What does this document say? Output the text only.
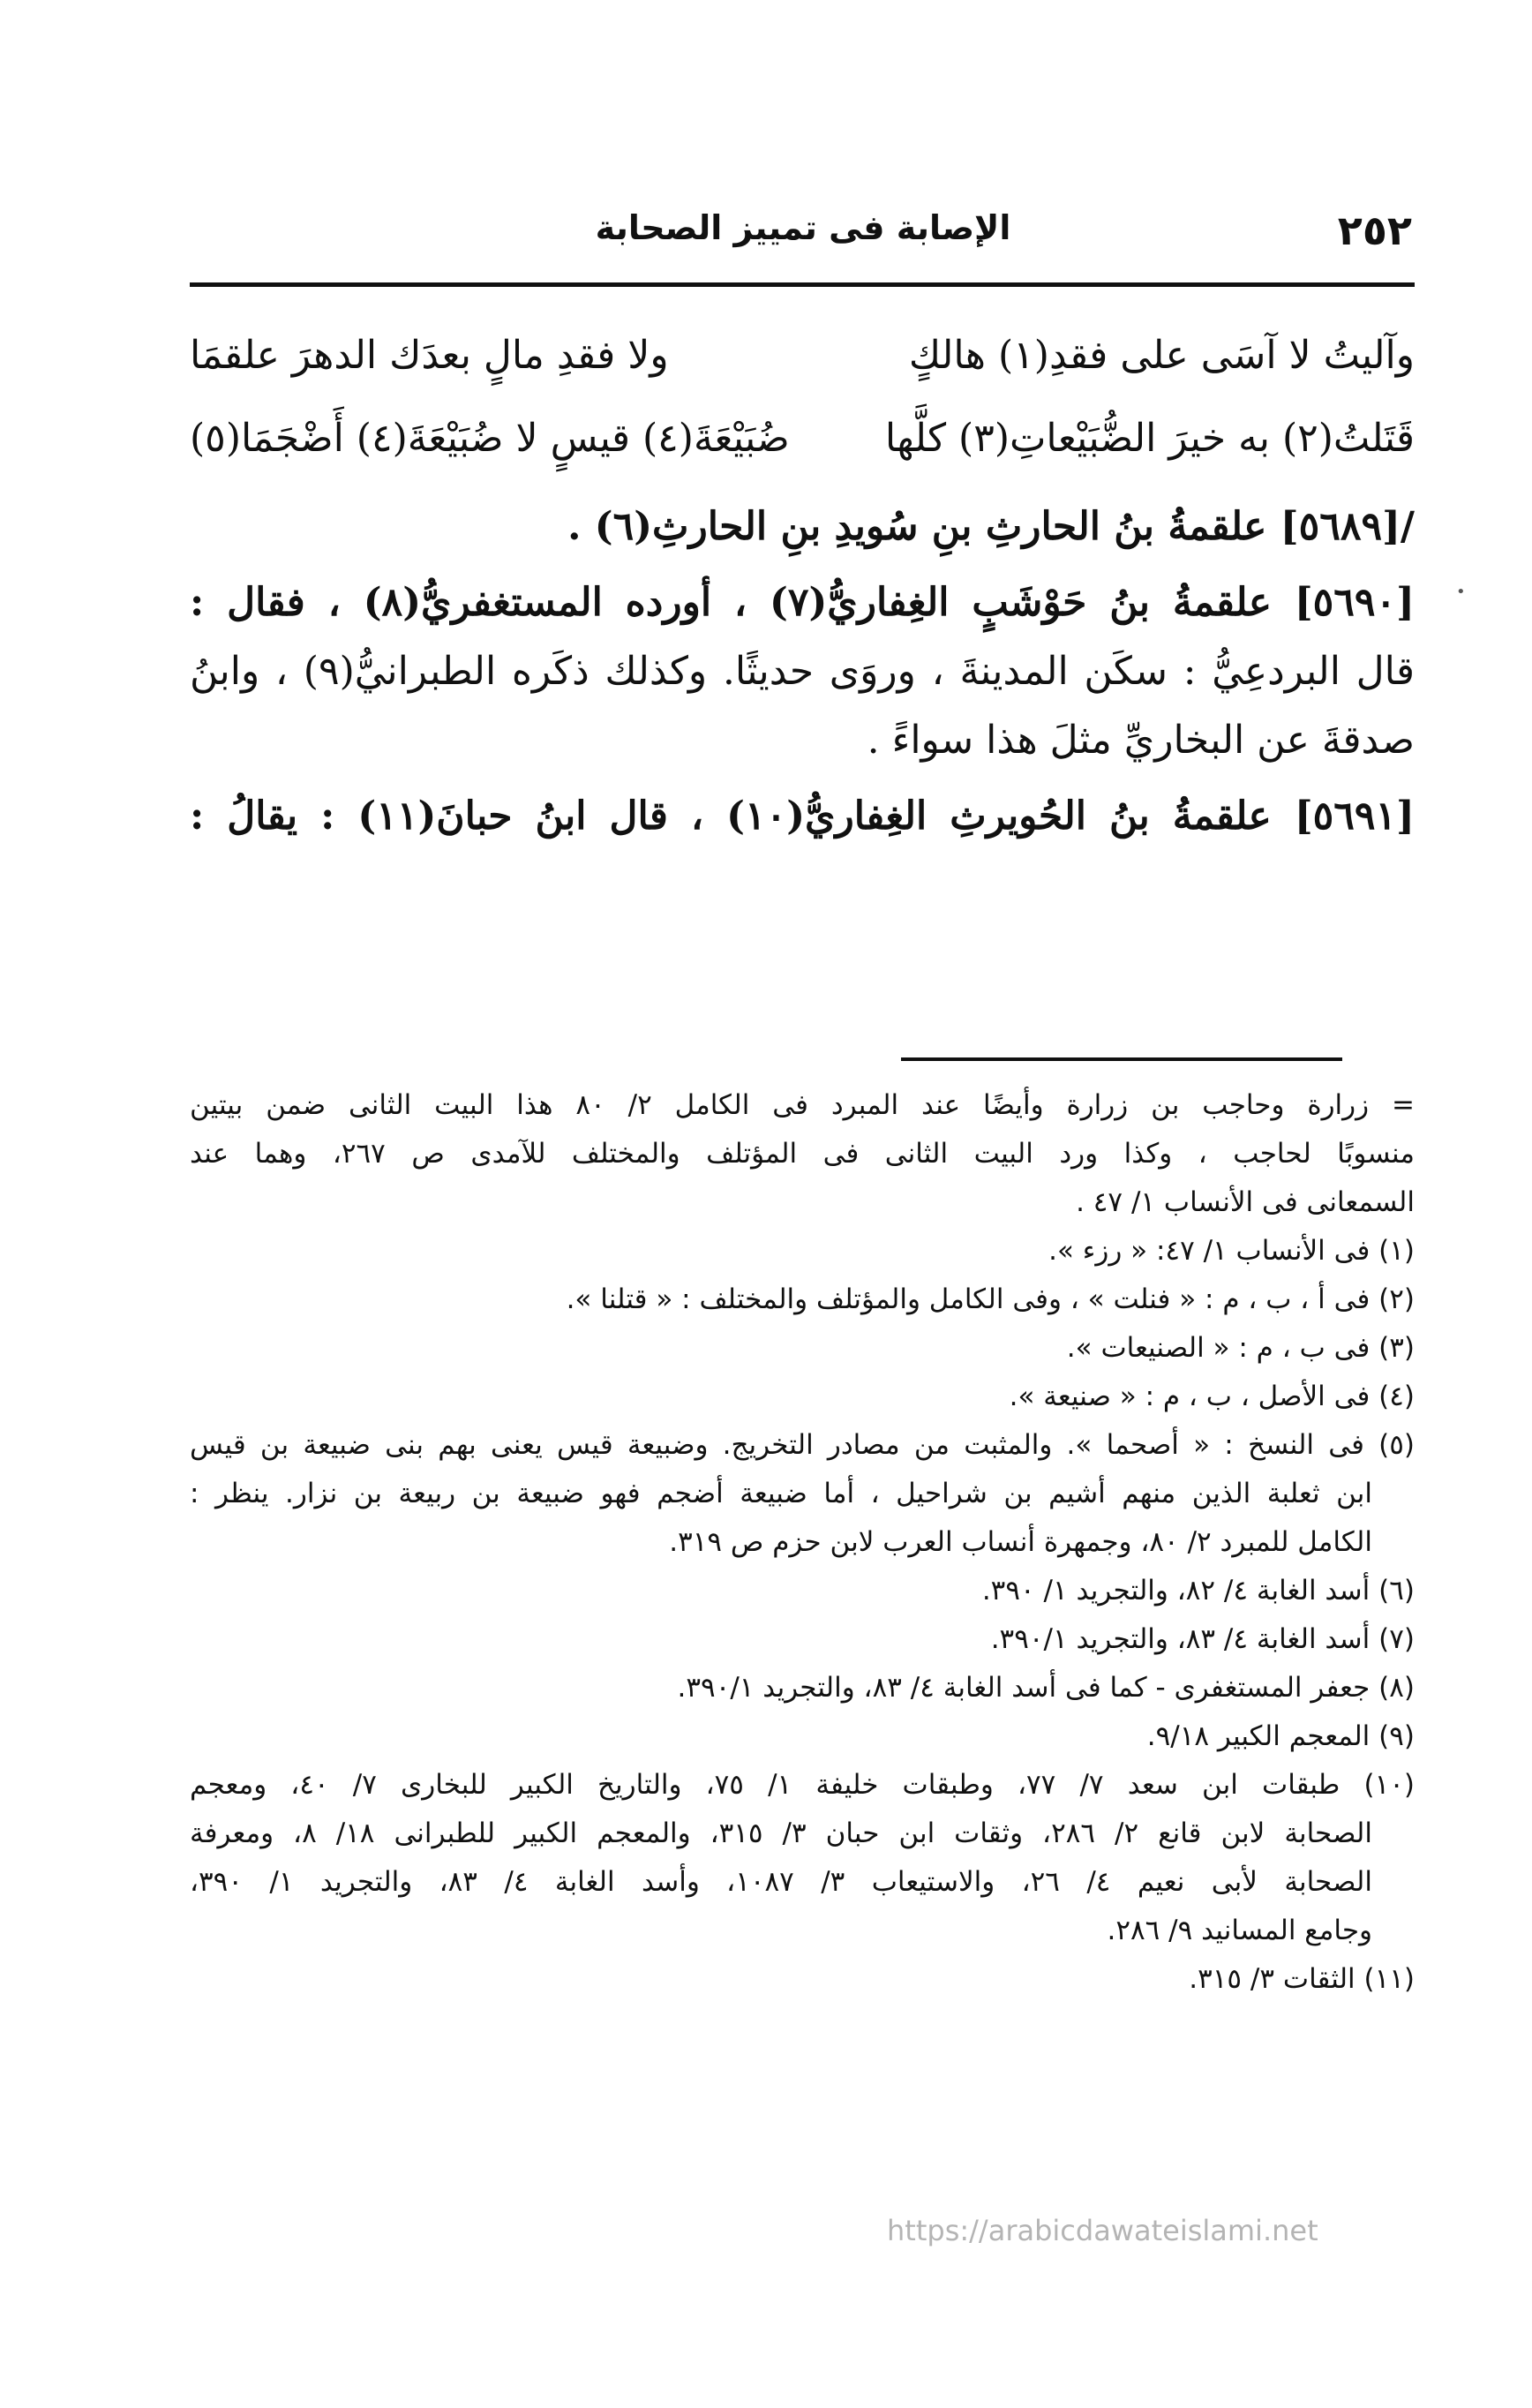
٢٥٢
الإصابة فى تمييز الصحابة
•
وآليتُ لا آسَى على فقدِ(١) هالكٍ
ولا فقدِ مالٍ بعدَك الدهرَ علقمَا
قَتَلتُ(٢) به خيرَ الضُّبَيْعاتِ(٣) كلَّها
ضُبَيْعَةَ(٤) قيسٍ لا ضُبَيْعَةَ(٤) أَضْجَمَا(٥)
/[٥٦٨٩] علقمةُ بنُ الحارثِ بنِ سُويدِ بنِ الحارثِ(٦) .
[٥٦٩٠] علقمةُ بنُ حَوْشَبٍ الغِفاريُّ(٧) ، أورده المستغفريُّ(٨) ، فقال :
قال البردعِيُّ : سكَن المدينةَ ، وروَى حديثًا. وكذلك ذكَره الطبرانيُّ(٩) ، وابنُ
صدقةَ عن البخاريِّ مثلَ هذا سواءً .
[٥٦٩١] علقمةُ بنُ الحُويرثِ الغِفاريُّ(١٠) ، قال ابنُ حبانَ(١١) : يقالُ :
= زرارة وحاجب بن زرارة وأيضًا عند المبرد فى الكامل ٢/ ٨٠ هذا البيت الثانى ضمن بيتين
منسوبًا لحاجب ، وكذا ورد البيت الثانى فى المؤتلف والمختلف للآمدى ص ٢٦٧، وهما عند
السمعانى فى الأنساب ١/ ٤٧ .
(١) فى الأنساب ١/ ٤٧: « رزء ».
(٢) فى أ ، ب ، م : « فنلت » ، وفى الكامل والمؤتلف والمختلف : « قتلنا ».
(٣) فى ب ، م : « الصنيعات ».
(٤) فى الأصل ، ب ، م : « صنيعة ».
(٥) فى النسخ : « أصحما ». والمثبت من مصادر التخريج. وضبيعة قيس يعنى بهم بنى ضبيعة بن قيس
ابن ثعلبة الذين منهم أشيم بن شراحيل ، أما ضبيعة أضجم فهو ضبيعة بن ربيعة بن نزار. ينظر :
الكامل للمبرد ٢/ ٨٠، وجمهرة أنساب العرب لابن حزم ص ٣١٩.
(٦) أسد الغابة ٤/ ٨٢، والتجريد ١/ ٣٩٠.
(٧) أسد الغابة ٤/ ٨٣، والتجريد ٣٩٠/١.
(٨) جعفر المستغفرى - كما فى أسد الغابة ٤/ ٨٣، والتجريد ٣٩٠/١.
(٩) المعجم الكبير ٩/١٨.
(١٠) طبقات ابن سعد ٧/ ٧٧، وطبقات خليفة ١/ ٧٥، والتاريخ الكبير للبخارى ٧/ ٤٠، ومعجم
الصحابة لابن قانع ٢/ ٢٨٦، وثقات ابن حبان ٣/ ٣١٥، والمعجم الكبير للطبرانى ١٨/ ٨، ومعرفة
الصحابة لأبى نعيم ٤/ ٢٦، والاستيعاب ٣/ ١٠٨٧، وأسد الغابة ٤/ ٨٣، والتجريد ١/ ٣٩٠،
وجامع المسانيد ٩/ ٢٨٦.
(١١) الثقات ٣/ ٣١٥.
https://arabicdawateislami.net
